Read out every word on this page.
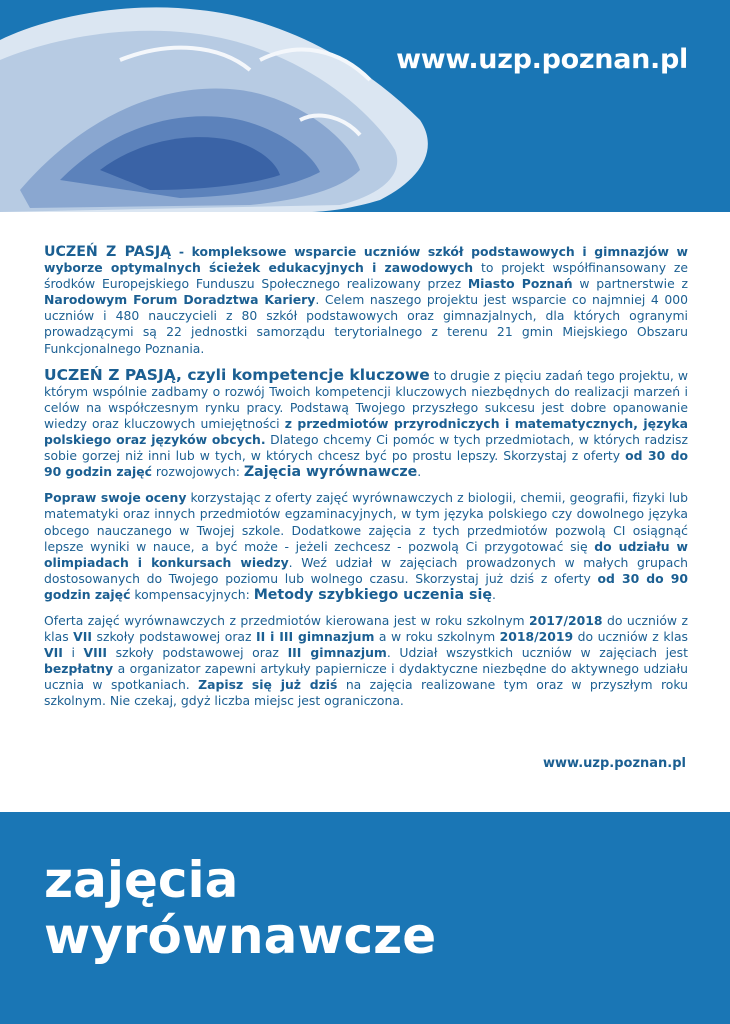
www.uzp.poznan.pl

UCZEŃ Z PASJĄ - kompleksowe wsparcie uczniów szkół podstawowych i gimnazjów w wyborze optymalnych ścieżek edukacyjnych i zawodowych to projekt współfinansowany ze środków Europejskiego Funduszu Społecznego realizowany przez Miasto Poznań w partnerstwie z Narodowym Forum Doradztwa Kariery. Celem naszego projektu jest wsparcie co najmniej 4 000 uczniów i 480 nauczycieli z 80 szkół podstawowych oraz gimnazjalnych, dla których ogranymi prowadzącymi są 22 jednostki samorządu terytorialnego z terenu 21 gmin Miejskiego Obszaru Funkcjonalnego Poznania.

UCZEŃ Z PASJĄ, czyli kompetencje kluczowe to drugie z pięciu zadań tego projektu, w którym wspólnie zadbamy o rozwój Twoich kompetencji kluczowych niezbędnych do realizacji marzeń i celów na współczesnym rynku pracy. Podstawą Twojego przyszłego sukcesu jest dobre opanowanie wiedzy oraz kluczowych umiejętności z przedmiotów przyrodniczych i matematycznych, języka polskiego oraz języków obcych. Dlatego chcemy Ci pomóc w tych przedmiotach, w których radzisz sobie gorzej niż inni lub w tych, w których chcesz być po prostu lepszy. Skorzystaj z oferty od 30 do 90 godzin zajęć rozwojowych: Zajęcia wyrównawcze.

Popraw swoje oceny korzystając z oferty zajęć wyrównawczych z biologii, chemii, geografii, fizyki lub matematyki oraz innych przedmiotów egzaminacyjnych, w tym języka polskiego czy dowolnego języka obcego nauczanego w Twojej szkole. Dodatkowe zajęcia z tych przedmiotów pozwolą CI osiągnąć lepsze wyniki w nauce, a być może - jeżeli zechcesz - pozwolą Ci przygotować się do udziału w olimpiadach i konkursach wiedzy. Weź udział w zajęciach prowadzonych w małych grupach dostosowanych do Twojego poziomu lub wolnego czasu. Skorzystaj już dziś z oferty od 30 do 90 godzin zajęć kompensacyjnych: Metody szybkiego uczenia się.

Oferta zajęć wyrównawczych z przedmiotów kierowana jest w roku szkolnym 2017/2018 do uczniów z klas VII szkoły podstawowej oraz II i III gimnazjum a w roku szkolnym 2018/2019 do uczniów z klas VII i VIII szkoły podstawowej oraz III gimnazjum. Udział wszystkich uczniów w zajęciach jest bezpłatny a organizator zapewni artykuły papiernicze i dydaktyczne niezbędne do aktywnego udziału ucznia w spotkaniach. Zapisz się już dziś na zajęcia realizowane tym oraz w przyszłym roku szkolnym. Nie czekaj, gdyż liczba miejsc jest ograniczona.

www.uzp.poznan.pl
zajęcia
wyrównawcze
